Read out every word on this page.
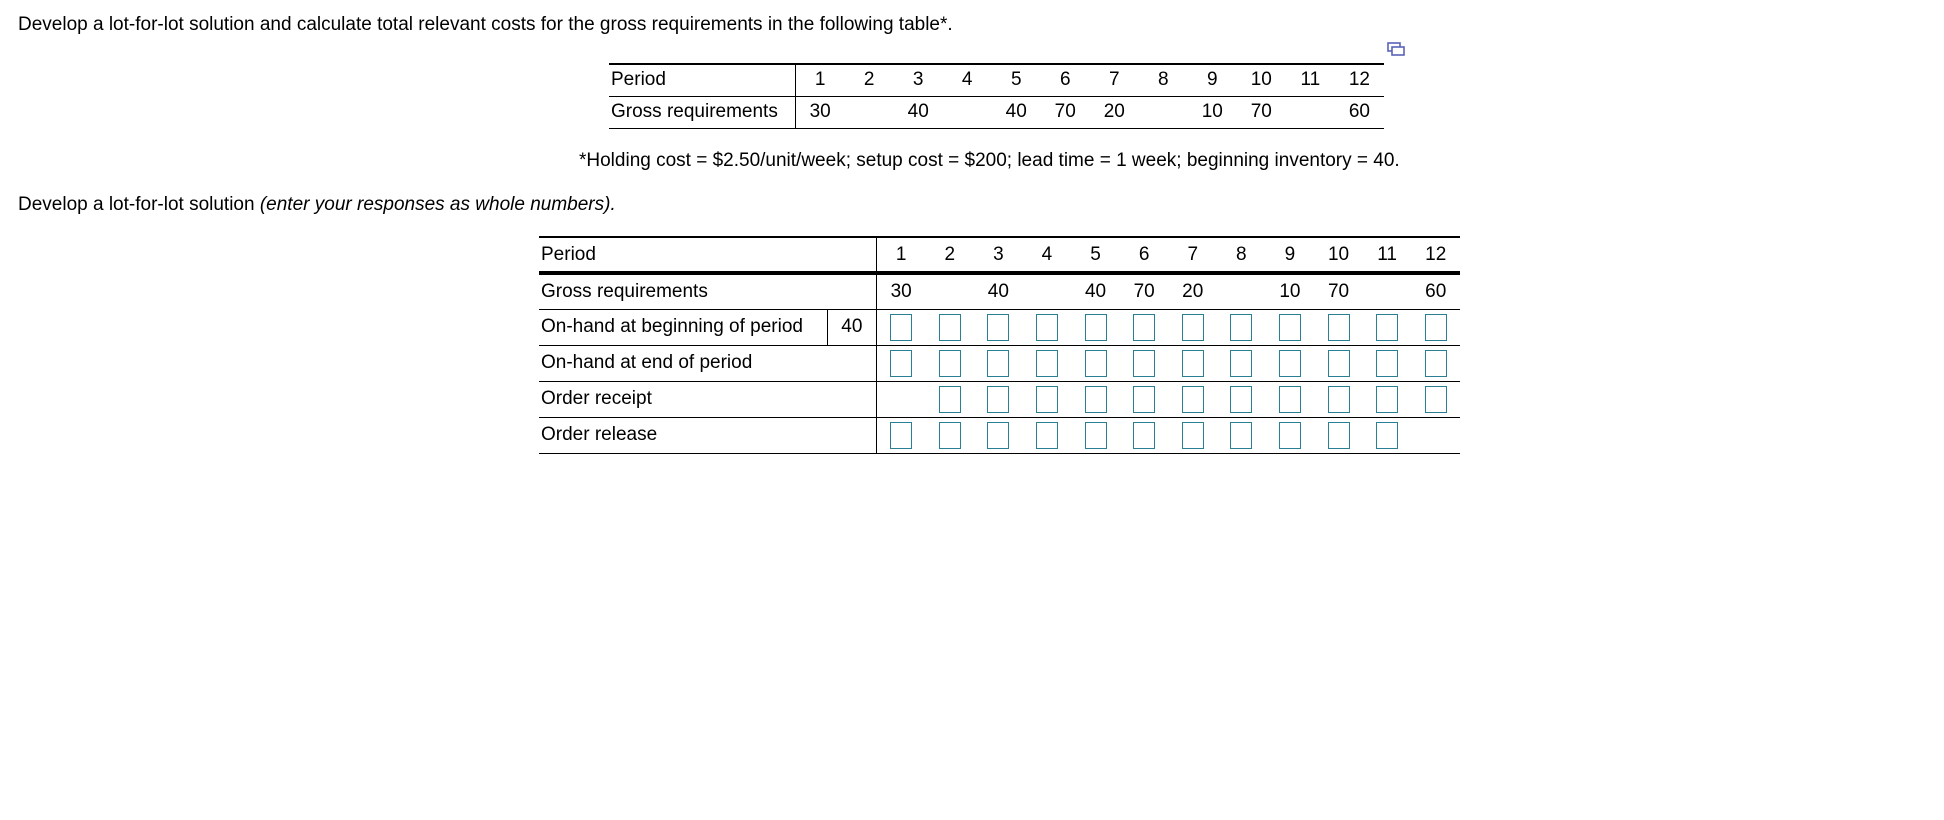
Develop a lot-for-lot solution and calculate total relevant costs for the gross requirements in the following table*.
Period	1	2	3	4	5	6	7	8	9	10	11	12
Gross requirements	30		40		40	70	20		10	70		60
*Holding cost = $2.50/unit/week; setup cost = $200; lead time = 1 week; beginning inventory = 40.
Develop a lot-for-lot solution (enter your responses as whole numbers).
Period		1	2	3	4	5	6	7	8	9	10	11	12
Gross requirements		30		40		40	70	20		10	70		60
On-hand at beginning of period	40												
On-hand at end of period													
Order receipt													
Order release													
